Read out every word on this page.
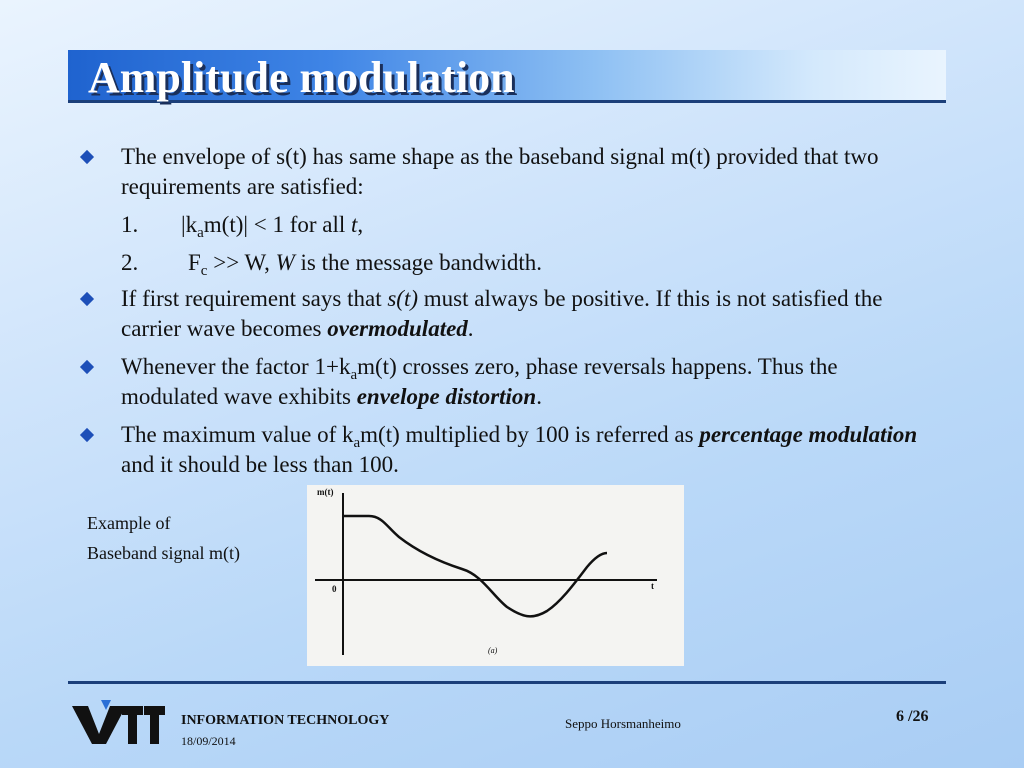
Amplitude modulation
The envelope of s(t) has same shape as the baseband signal m(t) provided that two requirements are satisfied:
1. $|k_am(t)| < 1$ for all t,
2. $F_c >> W$, W is the message bandwidth.
If first requirement says that s(t) must always be positive. If this is not satisfied the carrier wave becomes overmodulated.
Whenever the factor $1+k_am(t)$ crosses zero, phase reversals happens. Thus the modulated wave exhibits envelope distortion.
The maximum value of $k_am(t)$ multiplied by 100 is referred as percentage modulation and it should be less than 100.
Example of
Baseband signal m(t)
m(t)
0	t
(a)
INFORMATION TECHNOLOGY
18/09/2014
Seppo Horsmanheimo	6 /26
